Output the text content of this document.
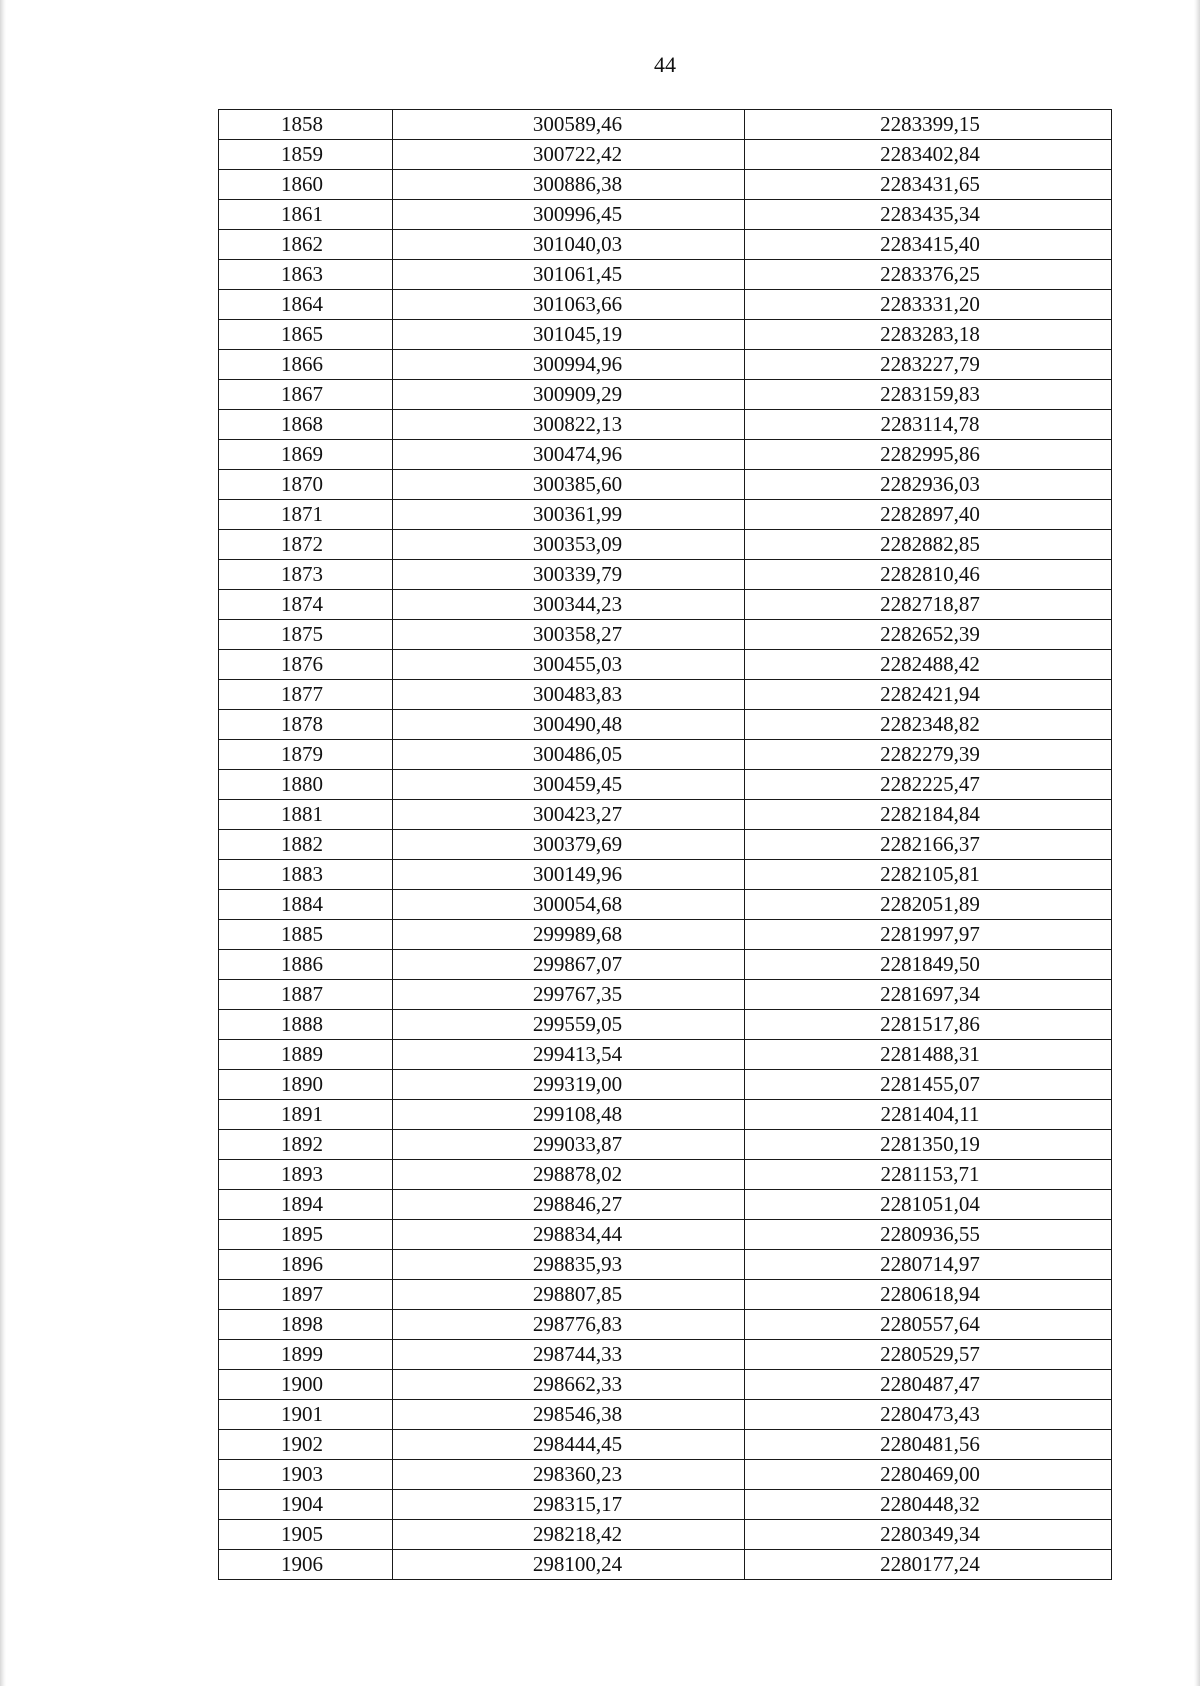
44
1858	300589,46	2283399,15
1859	300722,42	2283402,84
1860	300886,38	2283431,65
1861	300996,45	2283435,34
1862	301040,03	2283415,40
1863	301061,45	2283376,25
1864	301063,66	2283331,20
1865	301045,19	2283283,18
1866	300994,96	2283227,79
1867	300909,29	2283159,83
1868	300822,13	2283114,78
1869	300474,96	2282995,86
1870	300385,60	2282936,03
1871	300361,99	2282897,40
1872	300353,09	2282882,85
1873	300339,79	2282810,46
1874	300344,23	2282718,87
1875	300358,27	2282652,39
1876	300455,03	2282488,42
1877	300483,83	2282421,94
1878	300490,48	2282348,82
1879	300486,05	2282279,39
1880	300459,45	2282225,47
1881	300423,27	2282184,84
1882	300379,69	2282166,37
1883	300149,96	2282105,81
1884	300054,68	2282051,89
1885	299989,68	2281997,97
1886	299867,07	2281849,50
1887	299767,35	2281697,34
1888	299559,05	2281517,86
1889	299413,54	2281488,31
1890	299319,00	2281455,07
1891	299108,48	2281404,11
1892	299033,87	2281350,19
1893	298878,02	2281153,71
1894	298846,27	2281051,04
1895	298834,44	2280936,55
1896	298835,93	2280714,97
1897	298807,85	2280618,94
1898	298776,83	2280557,64
1899	298744,33	2280529,57
1900	298662,33	2280487,47
1901	298546,38	2280473,43
1902	298444,45	2280481,56
1903	298360,23	2280469,00
1904	298315,17	2280448,32
1905	298218,42	2280349,34
1906	298100,24	2280177,24
